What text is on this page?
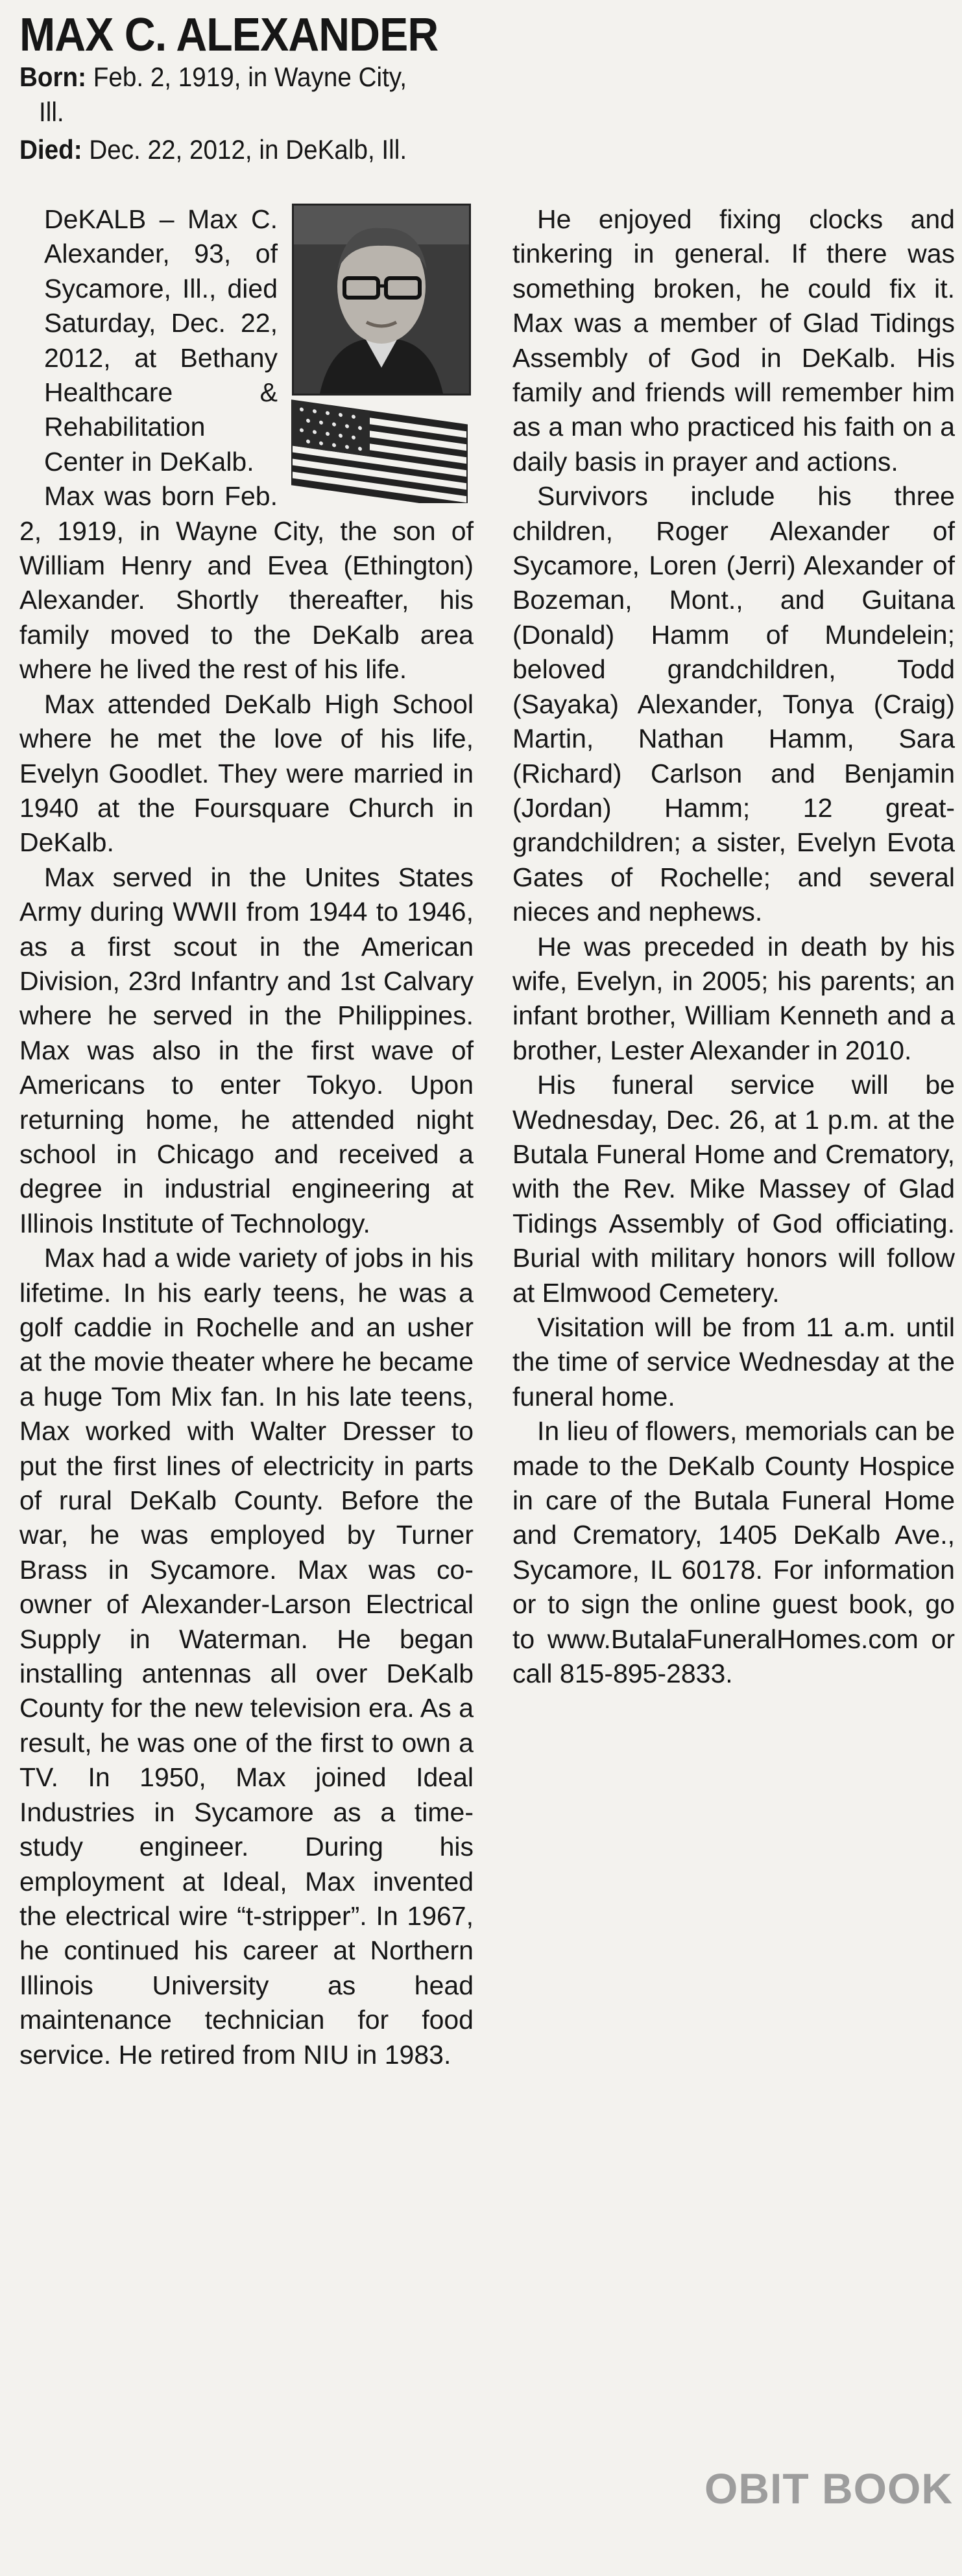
MAX C. ALEXANDER
Born: Feb. 2, 1919, in Wayne City,
Ill.
Died: Dec. 22, 2012, in DeKalb, Ill.

DeKALB – Max C. Alexander, 93, of Sycamore, Ill., died Saturday, Dec. 22, 2012, at Bethany Healthcare & Rehabilitation Center in DeKalb.

Max was born Feb. 2, 1919, in Wayne City, the son of William Henry and Evea (Ethington) Alexander. Shortly thereafter, his family moved to the DeKalb area where he lived the rest of his life.

Max attended DeKalb High School where he met the love of his life, Evelyn Goodlet. They were married in 1940 at the Foursquare Church in DeKalb.

Max served in the Unites States Army during WWII from 1944 to 1946, as a first scout in the American Division, 23rd Infantry and 1st Calvary where he served in the Philippines. Max was also in the first wave of Americans to enter Tokyo. Upon returning home, he attended night school in Chicago and received a degree in industrial engineering at Illinois Institute of Technology.

Max had a wide variety of jobs in his lifetime. In his early teens, he was a golf caddie in Rochelle and an usher at the movie theater where he became a huge Tom Mix fan. In his late teens, Max worked with Walter Dresser to put the first lines of electricity in parts of rural DeKalb County. Before the war, he was employed by Turner Brass in Sycamore. Max was co-owner of Alexander-Larson Electrical Supply in Waterman. He began installing antennas all over DeKalb County for the new television era. As a result, he was one of the first to own a TV. In 1950, Max joined Ideal Industries in Sycamore as a time-study engineer. During his employment at Ideal, Max invented the electrical wire “t-stripper”. In 1967, he continued his career at Northern Illinois University as head maintenance technician for food service. He retired from NIU in 1983.

He enjoyed fixing clocks and tinkering in general. If there was something broken, he could fix it. Max was a member of Glad Tidings Assembly of God in DeKalb. His family and friends will remember him as a man who practiced his faith on a daily basis in prayer and actions.

Survivors include his three children, Roger Alexander of Sycamore, Loren (Jerri) Alexander of Bozeman, Mont., and Guitana (Donald) Hamm of Mundelein; beloved grandchildren, Todd (Sayaka) Alexander, Tonya (Craig) Martin, Nathan Hamm, Sara (Richard) Carlson and Benjamin (Jordan) Hamm; 12 great-grandchildren; a sister, Evelyn Evota Gates of Rochelle; and several nieces and nephews.

He was preceded in death by his wife, Evelyn, in 2005; his parents; an infant brother, William Kenneth and a brother, Lester Alexander in 2010.

His funeral service will be Wednesday, Dec. 26, at 1 p.m. at the Butala Funeral Home and Crematory, with the Rev. Mike Massey of Glad Tidings Assembly of God officiating. Burial with military honors will follow at Elmwood Cemetery.

Visitation will be from 11 a.m. until the time of service Wednesday at the funeral home.

In lieu of flowers, memorials can be made to the DeKalb County Hospice in care of the Butala Funeral Home and Crematory, 1405 DeKalb Ave., Sycamore, IL 60178. For information or to sign the online guest book, go to www.ButalaFuneralHomes.com or call 815-895-2833.

OBIT BOOK
